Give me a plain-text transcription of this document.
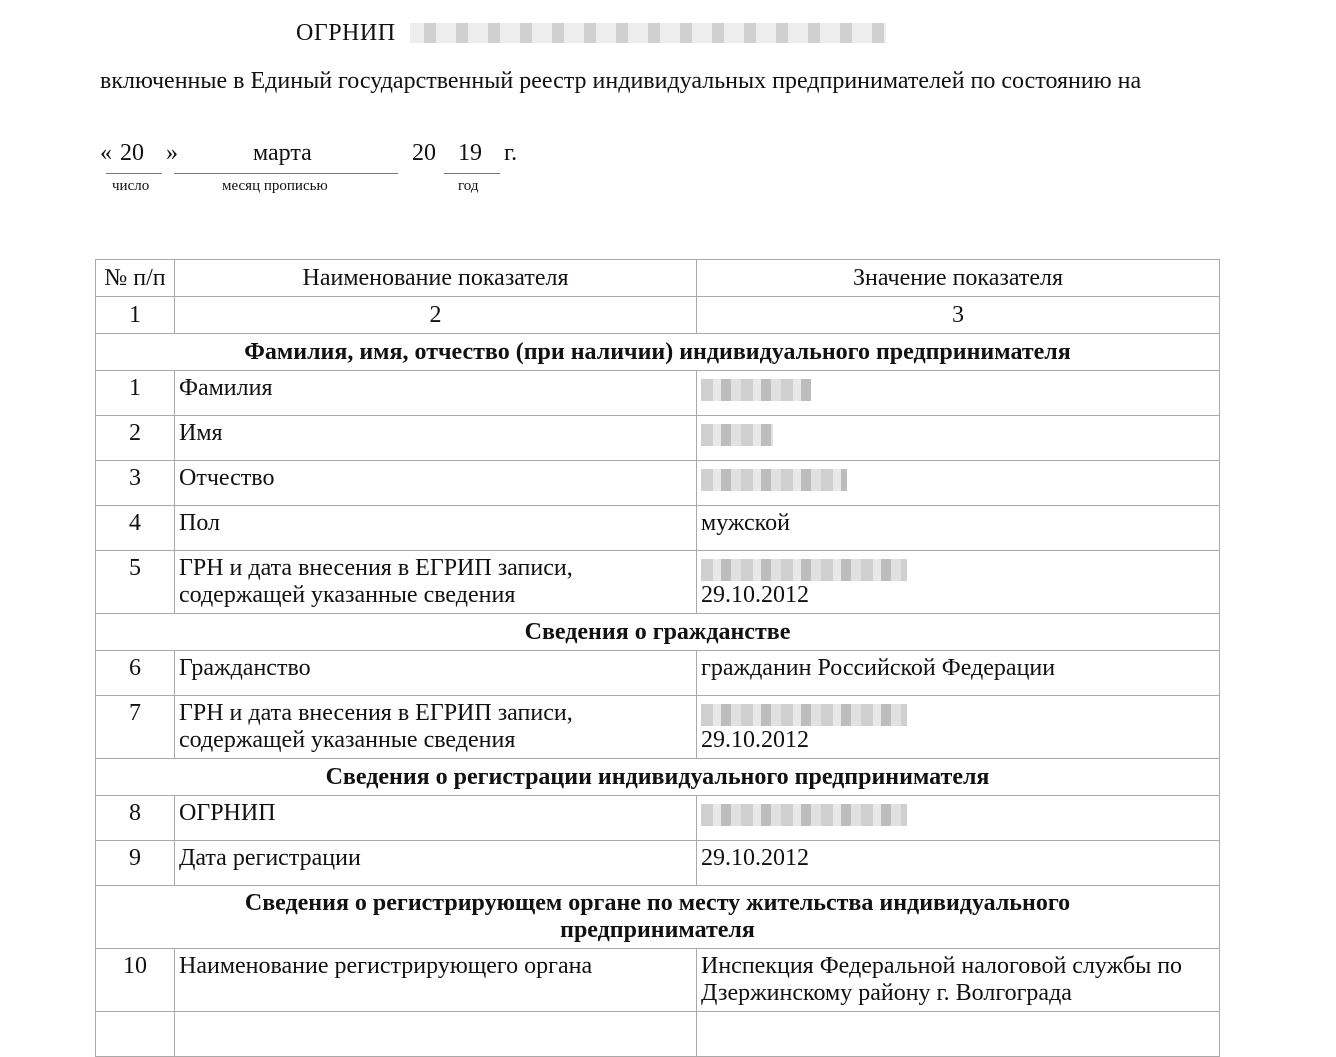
ОГРНИП
включенные в Единый государственный реестр индивидуальных предпринимателей по состоянию на
« 20
число
»	марта
месяц прописью
20 19
год
г.
№ п/п	Наименование показателя	Значение показателя
1	2	3
Фамилия, имя, отчество (при наличии) индивидуального предпринимателя		
1	Фамилия	
2	Имя	
3	Отчество	
4	Пол	мужской
5	ГРН и дата внесения в ЕГРИП записи, содержащей указанные сведения	29.10.2012
Сведения о гражданстве		
6	Гражданство	гражданин Российской Федерации
7	ГРН и дата внесения в ЕГРИП записи, содержащей указанные сведения	29.10.2012
Сведения о регистрации индивидуального предпринимателя		
8	ОГРНИП	
9	Дата регистрации	29.10.2012
Сведения о регистрирующем органе по месту жительства индивидуального предпринимателя		
10	Наименование регистрирующего органа	Инспекция Федеральной налоговой службы по Дзержинскому району г. Волгограда
